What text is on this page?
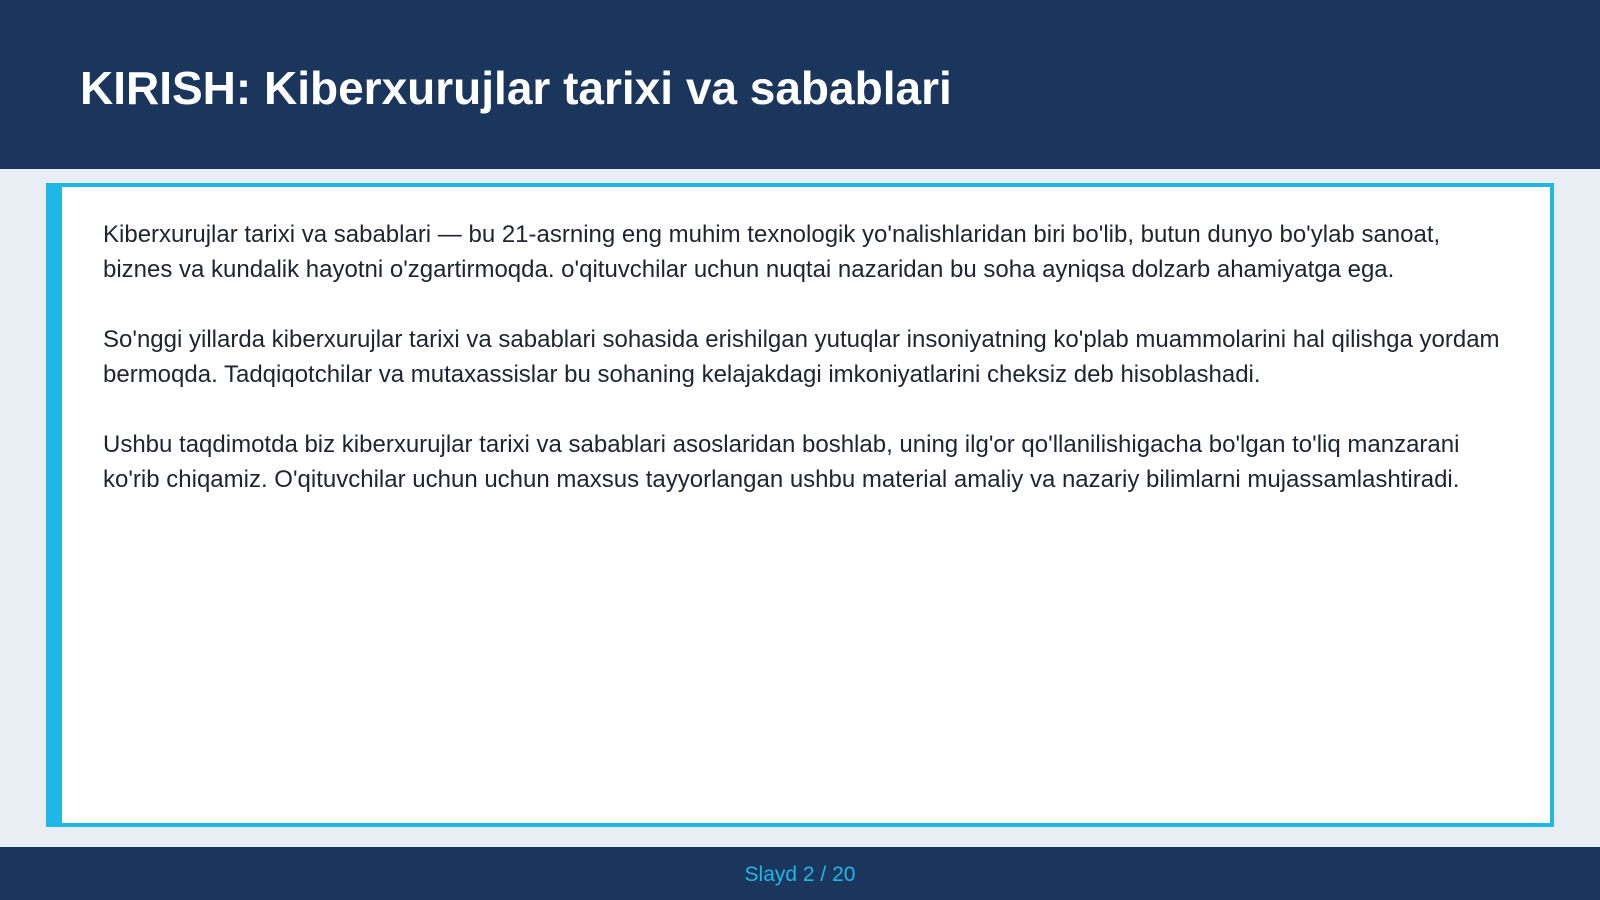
KIRISH: Kiberxurujlar tarixi va sabablari

Kiberxurujlar tarixi va sabablari — bu 21-asrning eng muhim texnologik yo'nalishlaridan biri bo'lib, butun dunyo bo'ylab sanoat, biznes va kundalik hayotni o'zgartirmoqda. o'qituvchilar uchun nuqtai nazaridan bu soha ayniqsa dolzarb ahamiyatga ega.

So'nggi yillarda kiberxurujlar tarixi va sabablari sohasida erishilgan yutuqlar insoniyatning ko'plab muammolarini hal qilishga yordam bermoqda. Tadqiqotchilar va mutaxassislar bu sohaning kelajakdagi imkoniyatlarini cheksiz deb hisoblashadi.

Ushbu taqdimotda biz kiberxurujlar tarixi va sabablari asoslaridan boshlab, uning ilg'or qo'llanilishigacha bo'lgan to'liq manzarani ko'rib chiqamiz. O'qituvchilar uchun uchun maxsus tayyorlangan ushbu material amaliy va nazariy bilimlarni mujassamlashtiradi.

Slayd 2 / 20
